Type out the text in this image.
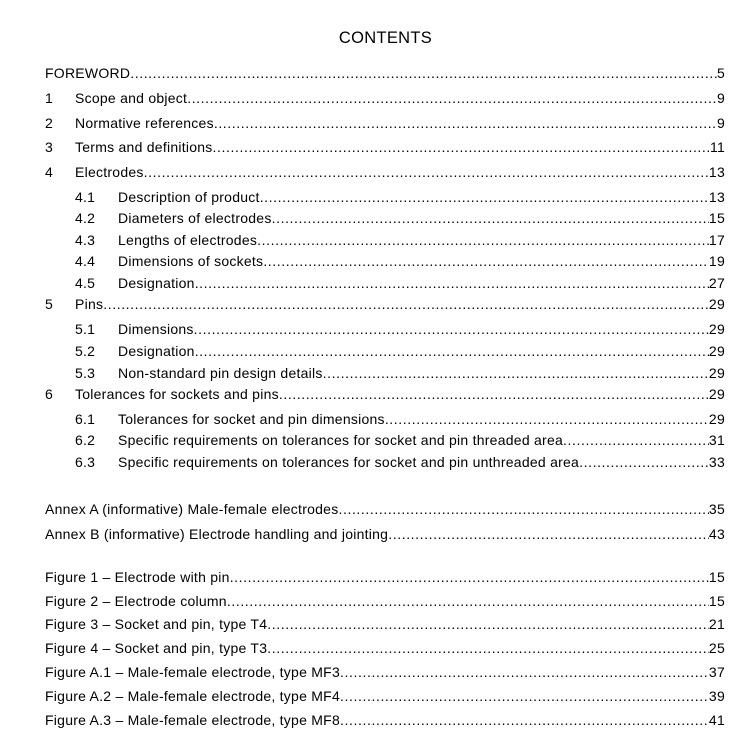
CONTENTS
FOREWORD .....	5
1 Scope and object .....	9
2 Normative references .....	9
3 Terms and definitions .....	11
4 Electrodes .....	13
4.1 Description of product .....	13
4.2 Diameters of electrodes .....	15
4.3 Lengths of electrodes .....	17
4.4 Dimensions of sockets .....	19
4.5 Designation .....	27
5 Pins .....	29
5.1 Dimensions .....	29
5.2 Designation .....	29
5.3 Non-standard pin design details .....	29
6 Tolerances for sockets and pins .....	29
6.1 Tolerances for socket and pin dimensions .....	29
6.2 Specific requirements on tolerances for socket and pin threaded area .....	31
6.3 Specific requirements on tolerances for socket and pin unthreaded area .....	33
Annex A (informative) Male-female electrodes .....	35
Annex B (informative) Electrode handling and jointing .....	43
Figure 1 – Electrode with pin .....	15
Figure 2 – Electrode column .....	15
Figure 3 – Socket and pin, type T4 .....	21
Figure 4 – Socket and pin, type T3 .....	25
Figure A.1 – Male-female electrode, type MF3 .....	37
Figure A.2 – Male-female electrode, type MF4 .....	39
Figure A.3 – Male-female electrode, type MF8 .....	41
